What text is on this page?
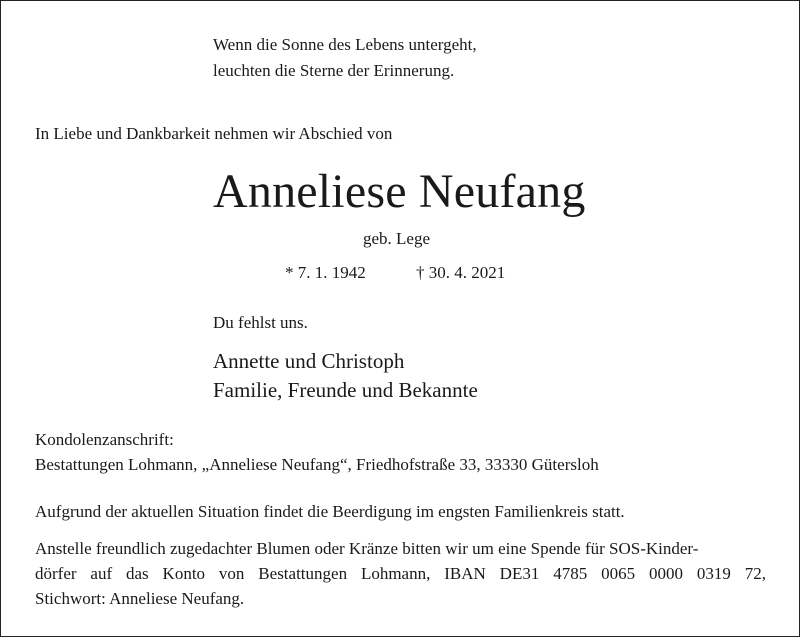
Wenn die Sonne des Lebens untergeht,
leuchten die Sterne der Erinnerung.
In Liebe und Dankbarkeit nehmen wir Abschied von
Anneliese Neufang
geb. Lege
* 7. 1. 1942	† 30. 4. 2021
Du fehlst uns.
Annette und Christoph
Familie, Freunde und Bekannte
Kondolenzanschrift:
Bestattungen Lohmann, „Anneliese Neufang“, Friedhofstraße 33, 33330 Gütersloh
Aufgrund der aktuellen Situation findet die Beerdigung im engsten Familienkreis statt.
Anstelle freundlich zugedachter Blumen oder Kränze bitten wir um eine Spende für SOS-Kinder-
dörfer auf das Konto von Bestattungen Lohmann, IBAN DE31 4785 0065 0000 0319 72,
Stichwort: Anneliese Neufang.
